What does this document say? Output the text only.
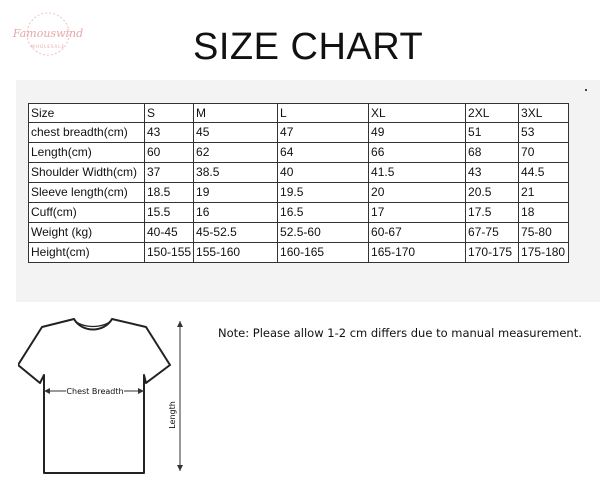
Famouswind
WHOLESALE	SIZE CHART
Size	S	M	L	XL	2XL	3XL
chest breadth(cm)	43	45	47	49	51	53
Length(cm)	60	62	64	66	68	70
Shoulder Width(cm)	37	38.5	40	41.5	43	44.5
Sleeve length(cm)	18.5	19	19.5	20	20.5	21
Cuff(cm)	15.5	16	16.5	17	17.5	18
Weight (kg)	40-45	45-52.5	52.5-60	60-67	67-75	75-80
Height(cm)	150-155	155-160	160-165	165-170	170-175	175-180
Chest Breadth
Length
Note: Please allow 1-2 cm differs due to manual measurement.
